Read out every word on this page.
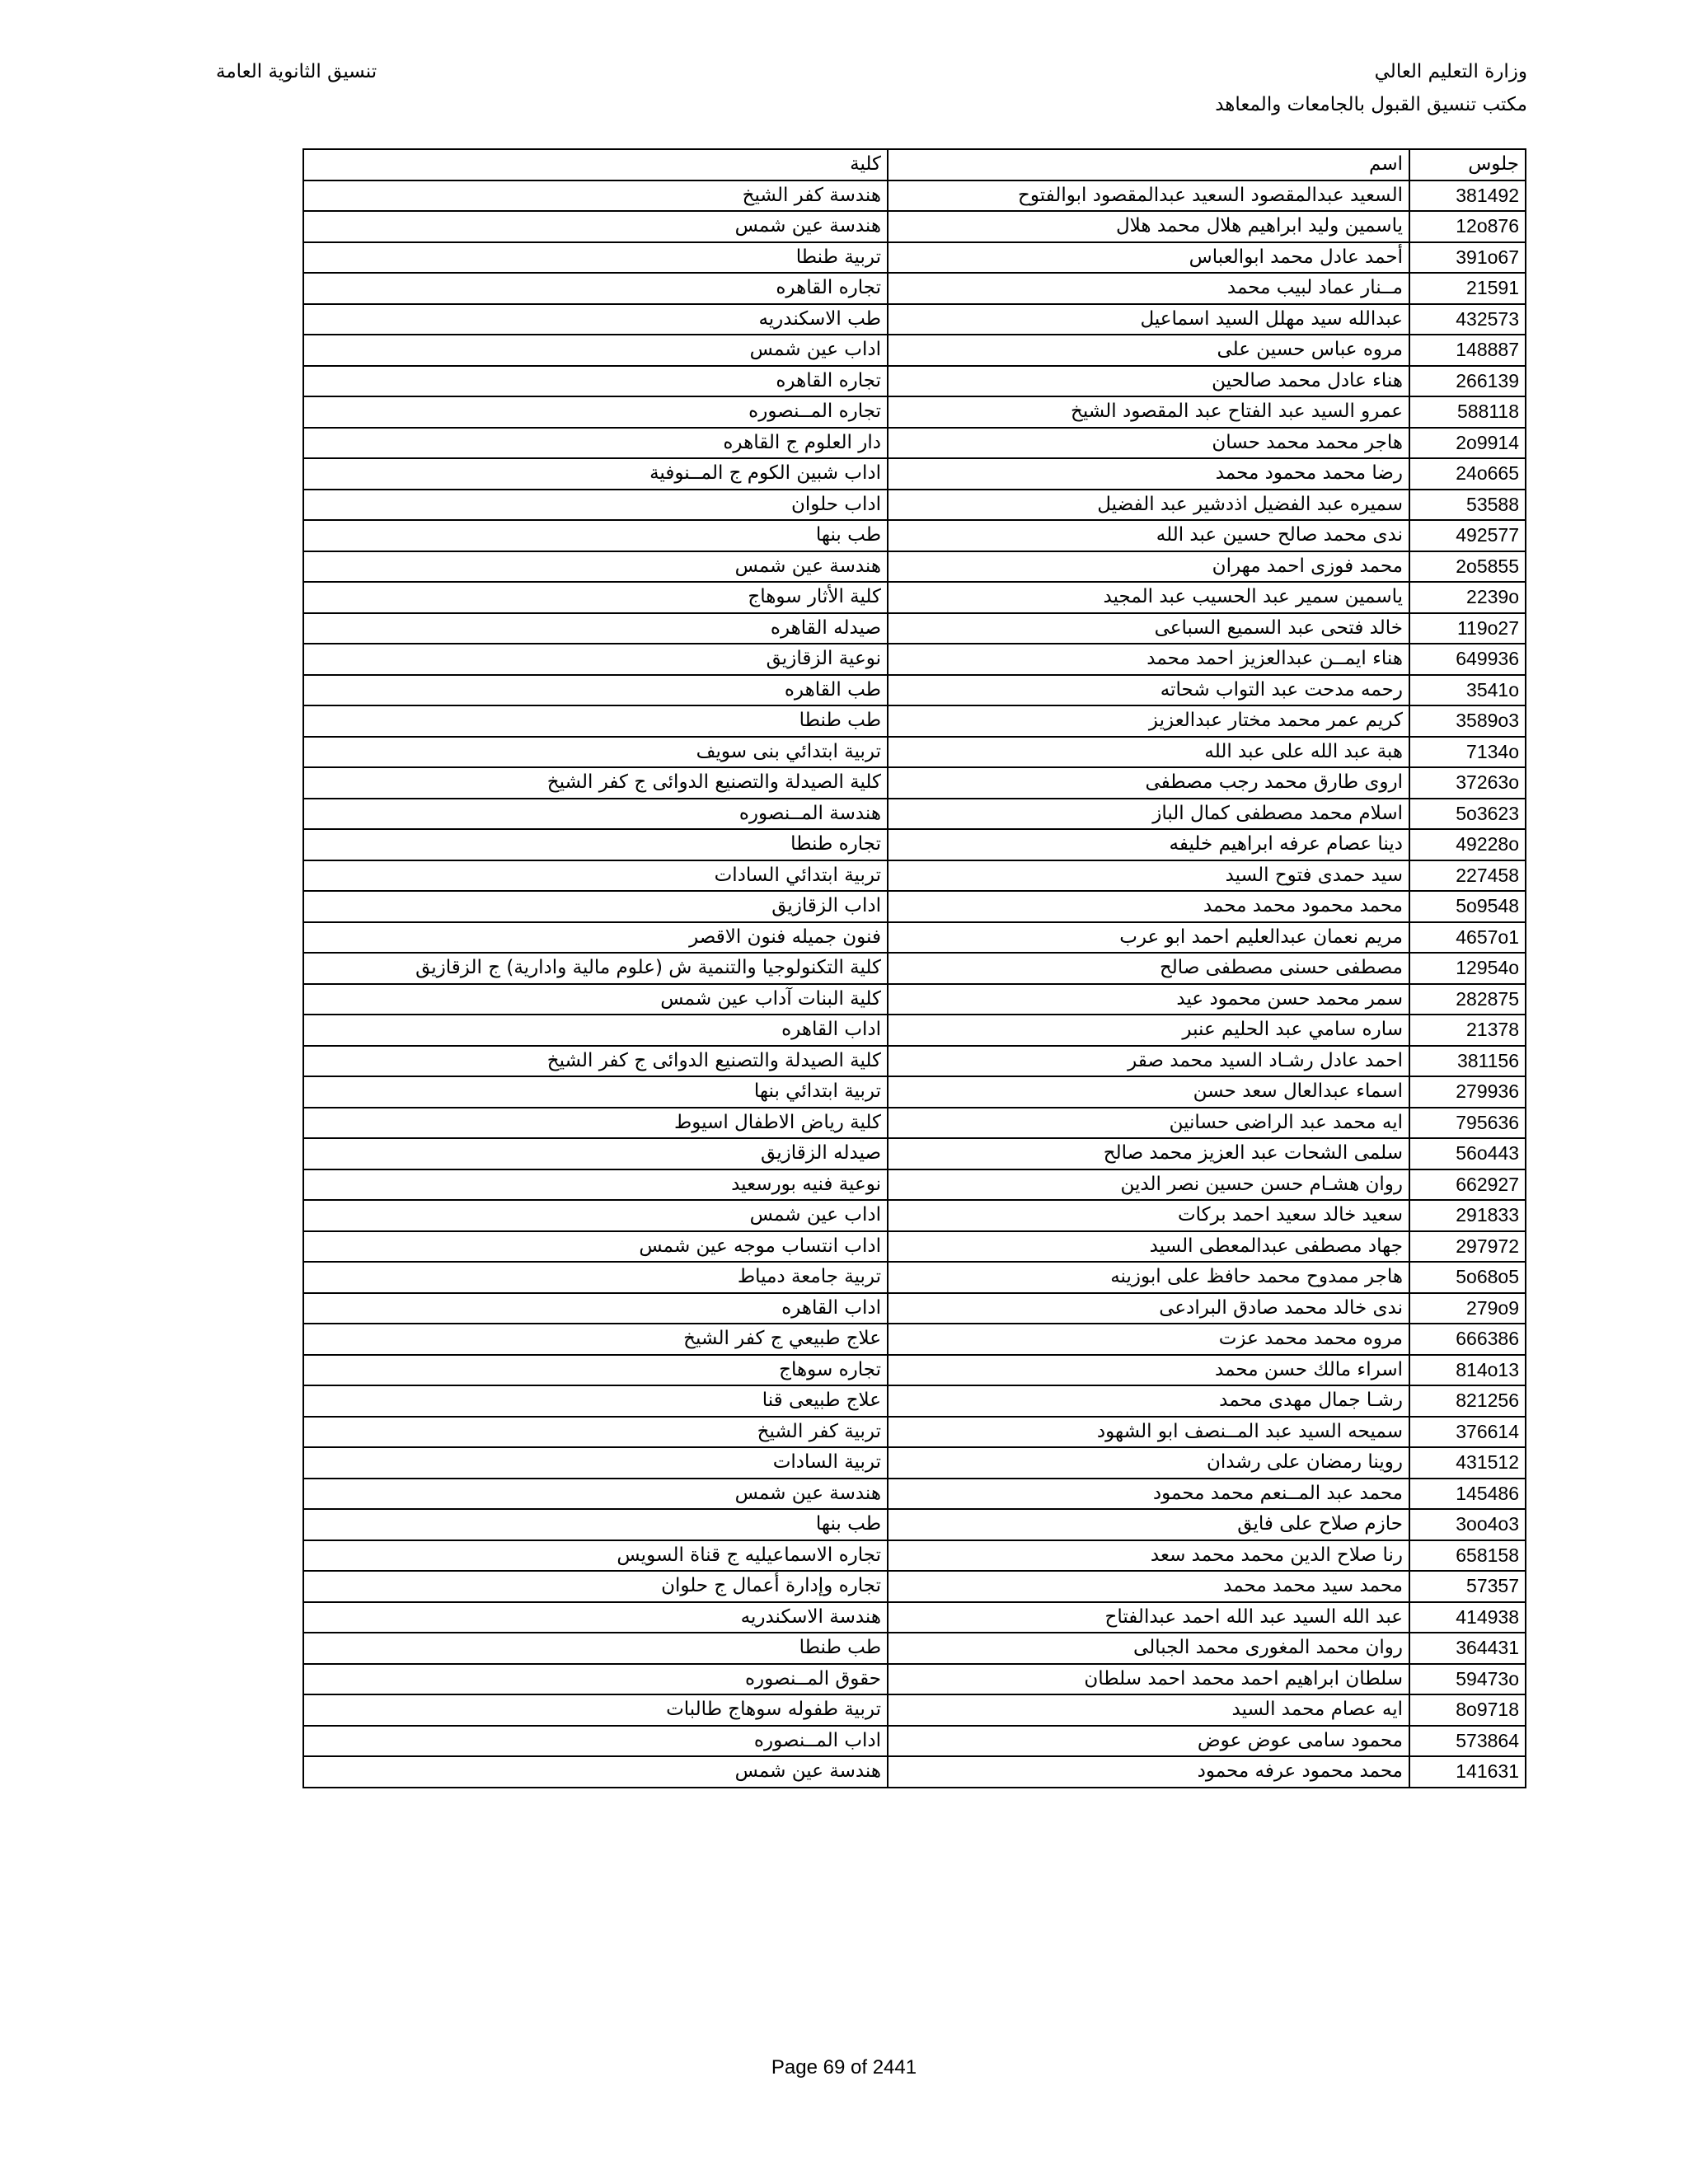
وزارة التعليم العالي
مكتب تنسيق القبول بالجامعات والمعاهد
تنسيق الثانوية العامة
جلوس	اسم	كلية
381492	السعيد عبدالمقصود السعيد عبدالمقصود ابوالفتوح	هندسة كفر الشيخ
12o876	ياسمين وليد ابراهيم هلال محمد هلال	هندسة عين شمس
391o67	أحمد عادل محمد ابوالعباس	تربية طنطا
21591	مــنار عماد لبيب محمد	تجاره القاهره
432573	عبدالله سيد مهلل السيد اسماعيل	طب الاسكندريه
148887	مروه عباس حسين على	اداب عين شمس
266139	هناء عادل محمد صالحين	تجاره القاهره
588118	عمرو السيد عبد الفتاح عبد المقصود الشيخ	تجاره المــنصوره
2o9914	هاجر محمد محمد حسان	دار العلوم ج القاهره
24o665	رضا محمد محمود محمد	اداب شبين الكوم ج المــنوفية
53588	سميره عبد الفضيل اذدشير عبد الفضيل	اداب حلوان
492577	ندى محمد صالح حسين عبد الله	طب بنها
2o5855	محمد فوزى احمد مهران	هندسة عين شمس
2239o	ياسمين سمير عبد الحسيب عبد المجيد	كلية الأثار سوهاج
119o27	خالد فتحى عبد السميع السباعى	صيدله القاهره
649936	هناء ايمــن عبدالعزيز احمد محمد	نوعية الزقازيق
3541o	رحمه مدحت عبد التواب شحاته	طب القاهره
3589o3	كريم عمر محمد مختار عبدالعزيز	طب طنطا
7134o	هبة عبد الله على عبد الله	تربية ابتدائي بنى سويف
37263o	اروى طارق محمد رجب مصطفى	كلية الصيدلة والتصنيع الدوائى ج كفر الشيخ
5o3623	اسلام محمد مصطفى كمال الباز	هندسة المــنصوره
49228o	دينا عصام عرفه ابراهيم خليفه	تجاره طنطا
227458	سيد حمدى فتوح السيد	تربية ابتدائي السادات
5o9548	محمد محمود محمد محمد	اداب الزقازيق
4657o1	مريم نعمان عبدالعليم احمد ابو عرب	فنون جميله فنون الاقصر
12954o	مصطفى حسنى مصطفى صالح	كلية التكنولوجيا والتنمية ش (علوم مالية وادارية) ج الزقازيق
282875	سمر محمد حسن محمود عيد	كلية البنات آداب عين شمس
21378	ساره سامي عبد الحليم عنبر	اداب القاهره
381156	احمد عادل رشـاد السيد محمد صقر	كلية الصيدلة والتصنيع الدوائى ج كفر الشيخ
279936	اسماء عبدالعال سعد حسن	تربية ابتدائي بنها
795636	ايه محمد عبد الراضى حسانين	كلية رياض الاطفال اسيوط
56o443	سلمى الشحات عبد العزيز محمد صالح	صيدله الزقازيق
662927	روان هشـام حسن حسين نصر الدين	نوعية فنيه بورسعيد
291833	سعيد خالد سعيد احمد بركات	اداب عين شمس
297972	جهاد مصطفى عبدالمعطى السيد	اداب انتساب موجه عين شمس
5o68o5	هاجر ممدوح محمد حافظ على ابوزينه	تربية جامعة دمياط
279o9	ندى خالد محمد صادق البرادعى	اداب القاهره
666386	مروه محمد محمد عزت	علاج طبيعي ج كفر الشيخ
814o13	اسراء مالك حسن محمد	تجاره سوهاج
821256	رشـا جمال مهدى محمد	علاج طبيعى قنا
376614	سميحه السيد عبد المــنصف ابو الشهود	تربية كفر الشيخ
431512	روينا رمضان على رشدان	تربية السادات
145486	محمد عبد المــنعم محمد محمود	هندسة عين شمس
3oo4o3	حازم صلاح على فايق	طب بنها
658158	رنا صلاح الدين محمد محمد سعد	تجاره الاسماعيليه ج قناة السويس
57357	محمد سيد محمد محمد	تجاره وإدارة أعمال ج حلوان
414938	عبد الله السيد عبد الله احمد عبدالفتاح	هندسة الاسكندريه
364431	روان محمد المغورى محمد الجبالى	طب طنطا
59473o	سلطان ابراهيم احمد محمد احمد سلطان	حقوق المــنصوره
8o9718	ايه عصام محمد السيد	تربية طفوله سوهاج طالبات
573864	محمود سامى عوض عوض	اداب المــنصوره
141631	محمد محمود عرفه محمود	هندسة عين شمس
Page 69 of 2441
